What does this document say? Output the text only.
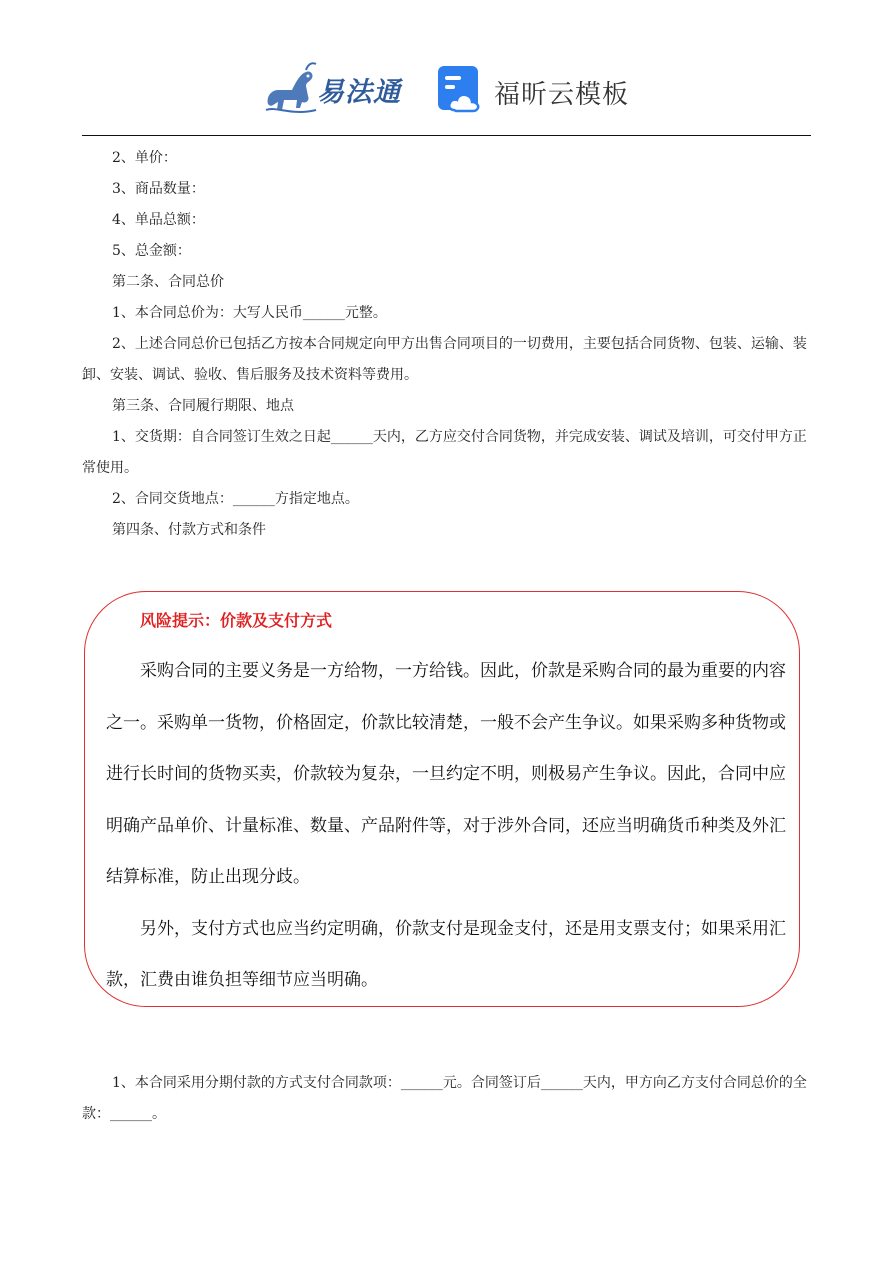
易法通	福昕云模板

2、单价：

3、商品数量：

4、单品总额：

5、总金额：

第二条、合同总价

1、本合同总价为：大写人民币______元整。

2、上述合同总价已包括乙方按本合同规定向甲方出售合同项目的一切费用，主要包括合同货物、包装、运输、装卸、安装、调试、验收、售后服务及技术资料等费用。

第三条、合同履行期限、地点

1、交货期：自合同签订生效之日起______天内，乙方应交付合同货物，并完成安装、调试及培训，可交付甲方正常使用。

2、合同交货地点：______方指定地点。

第四条、付款方式和条件

风险提示：价款及支付方式

采购合同的主要义务是一方给物，一方给钱。因此，价款是采购合同的最为重要的内容之一。采购单一货物，价格固定，价款比较清楚，一般不会产生争议。如果采购多种货物或进行长时间的货物买卖，价款较为复杂，一旦约定不明，则极易产生争议。因此，合同中应明确产品单价、计量标准、数量、产品附件等，对于涉外合同，还应当明确货币种类及外汇结算标准，防止出现分歧。

另外，支付方式也应当约定明确，价款支付是现金支付，还是用支票支付；如果采用汇款，汇费由谁负担等细节应当明确。

1、本合同采用分期付款的方式支付合同款项：______元。合同签订后______天内，甲方向乙方支付合同总价的全款：______。
